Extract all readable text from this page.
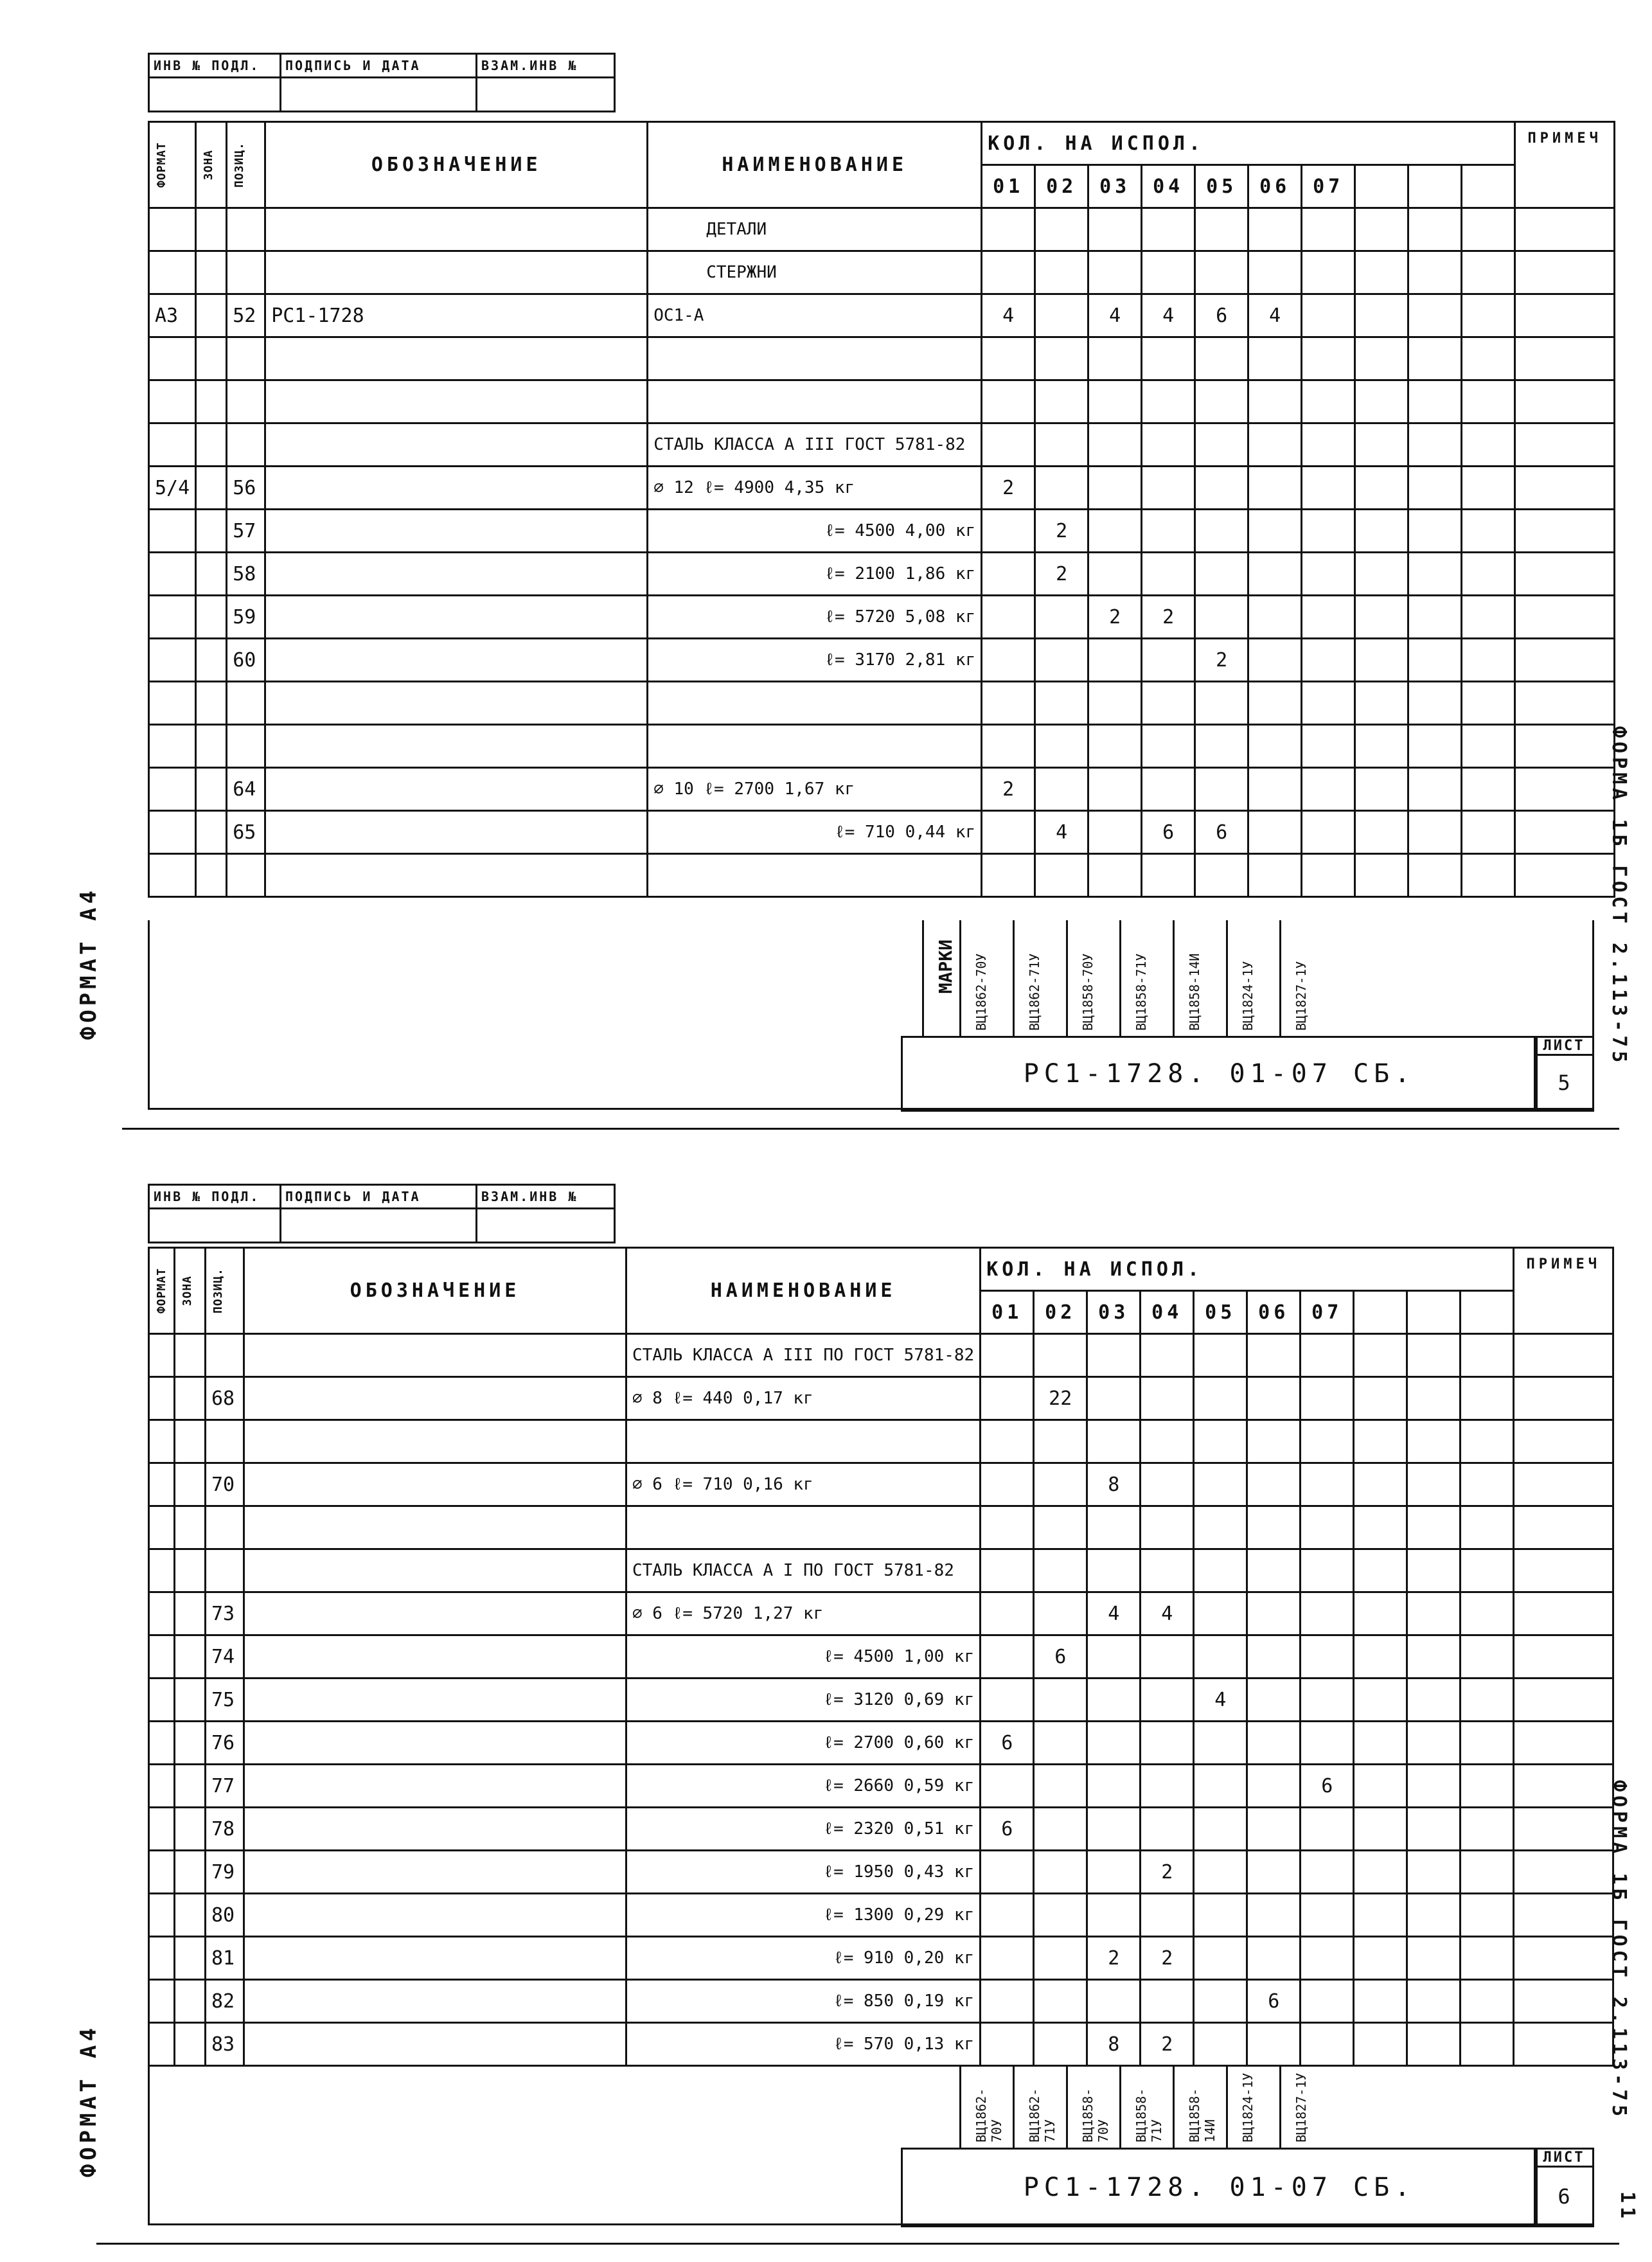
ИНВ № ПОДЛ.	ПОДПИСЬ И ДАТА	ВЗАМ.ИНВ №

ФОРМАТ	ЗОНА	ПОЗИЦ.	ОБОЗНАЧЕНИЕ	НАИМЕНОВАНИЕ	КОЛ. НА ИСПОЛ.										ПРИМЕЧ
					01	02	03	04	05	06	07				
				ДЕТАЛИ											
				СТЕРЖНИ											
А3		52	РС1-1728	ОС1-А	4		4	4	6	4					

				СТАЛЬ КЛАССА А III ГОСТ 5781-82											
5/4		56		⌀ 12 ℓ= 4900 4,35 кг	2										
		57		ℓ= 4500 4,00 кг		2									
		58		ℓ= 2100 1,86 кг		2									
		59		ℓ= 5720 5,08 кг			2	2							
		60		ℓ= 3170 2,81 кг					2						

		64		⌀ 10 ℓ= 2700 1,67 кг	2										
		65		ℓ= 710 0,44 кг		4		6	6						

МАРКИ ВЦ1862-70У	ВЦ1862-71У	ВЦ1858-70У	ВЦ1858-71У	ВЦ1858-14И	ВЦ1824-1У	ВЦ1827-1У
РС1-1728. 01-07 СБ.
ЛИСТ
5
ФОРМАТ А4	ФОРМА 1Б ГОСТ 2.113-75
ИНВ № ПОДЛ.	ПОДПИСЬ И ДАТА	ВЗАМ.ИНВ №

ФОРМАТ	ЗОНА	ПОЗИЦ.	ОБОЗНАЧЕНИЕ	НАИМЕНОВАНИЕ	КОЛ. НА ИСПОЛ.										ПРИМЕЧ
					01	02	03	04	05	06	07				
				СТАЛЬ КЛАССА А III ПО ГОСТ 5781-82											
		68		⌀ 8 ℓ= 440 0,17 кг		22									

		70		⌀ 6 ℓ= 710 0,16 кг			8								

				СТАЛЬ КЛАССА А I ПО ГОСТ 5781-82											
		73		⌀ 6 ℓ= 5720 1,27 кг			4	4							
		74		ℓ= 4500 1,00 кг		6									
		75		ℓ= 3120 0,69 кг					4						
		76		ℓ= 2700 0,60 кг	6										
		77		ℓ= 2660 0,59 кг							6				
		78		ℓ= 2320 0,51 кг	6										
		79		ℓ= 1950 0,43 кг				2							
		80		ℓ= 1300 0,29 кг											
		81		ℓ= 910 0,20 кг			2	2							
		82		ℓ= 850 0,19 кг						6					
		83		ℓ= 570 0,13 кг			8	2							
ВЦ1862-70У ВЦ1862-71У ВЦ1858-70У ВЦ1858-71У ВЦ1858-14И ВЦ1824-1У	ВЦ1827-1У
РС1-1728. 01-07 СБ.
ЛИСТ
6
ФОРМАТ А4	ФОРМА 1Б ГОСТ 2.113-75
11
